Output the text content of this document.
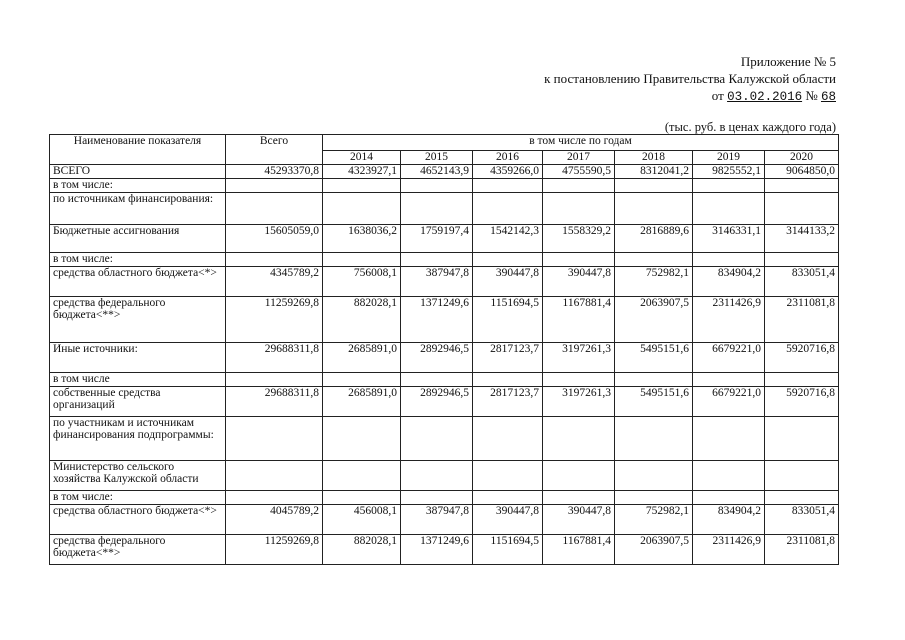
Приложение № 5
к постановлению Правительства Калужской области
от 03.02.2016 № 68
(тыс. руб. в ценах каждого года)
Наименование показателя	Всего	в том числе по годам						
		2014	2015	2016	2017	2018	2019	2020
ВСЕГО	45293370,8	4323927,1	4652143,9	4359266,0	4755590,5	8312041,2	9825552,1	9064850,0
в том числе:								
по источникам финансирования:								
Бюджетные ассигнования	15605059,0	1638036,2	1759197,4	1542142,3	1558329,2	2816889,6	3146331,1	3144133,2
в том числе:								
средства областного бюджета<*>	4345789,2	756008,1	387947,8	390447,8	390447,8	752982,1	834904,2	833051,4
средства федерального бюджета<**>	11259269,8	882028,1	1371249,6	1151694,5	1167881,4	2063907,5	2311426,9	2311081,8
Иные источники:	29688311,8	2685891,0	2892946,5	2817123,7	3197261,3	5495151,6	6679221,0	5920716,8
в том числе								
собственные средства организаций	29688311,8	2685891,0	2892946,5	2817123,7	3197261,3	5495151,6	6679221,0	5920716,8
по участникам и источникам финансирования подпрограммы:								
Министерство сельского хозяйства Калужской области								
в том числе:								
средства областного бюджета<*>	4045789,2	456008,1	387947,8	390447,8	390447,8	752982,1	834904,2	833051,4
средства федерального бюджета<**>	11259269,8	882028,1	1371249,6	1151694,5	1167881,4	2063907,5	2311426,9	2311081,8
